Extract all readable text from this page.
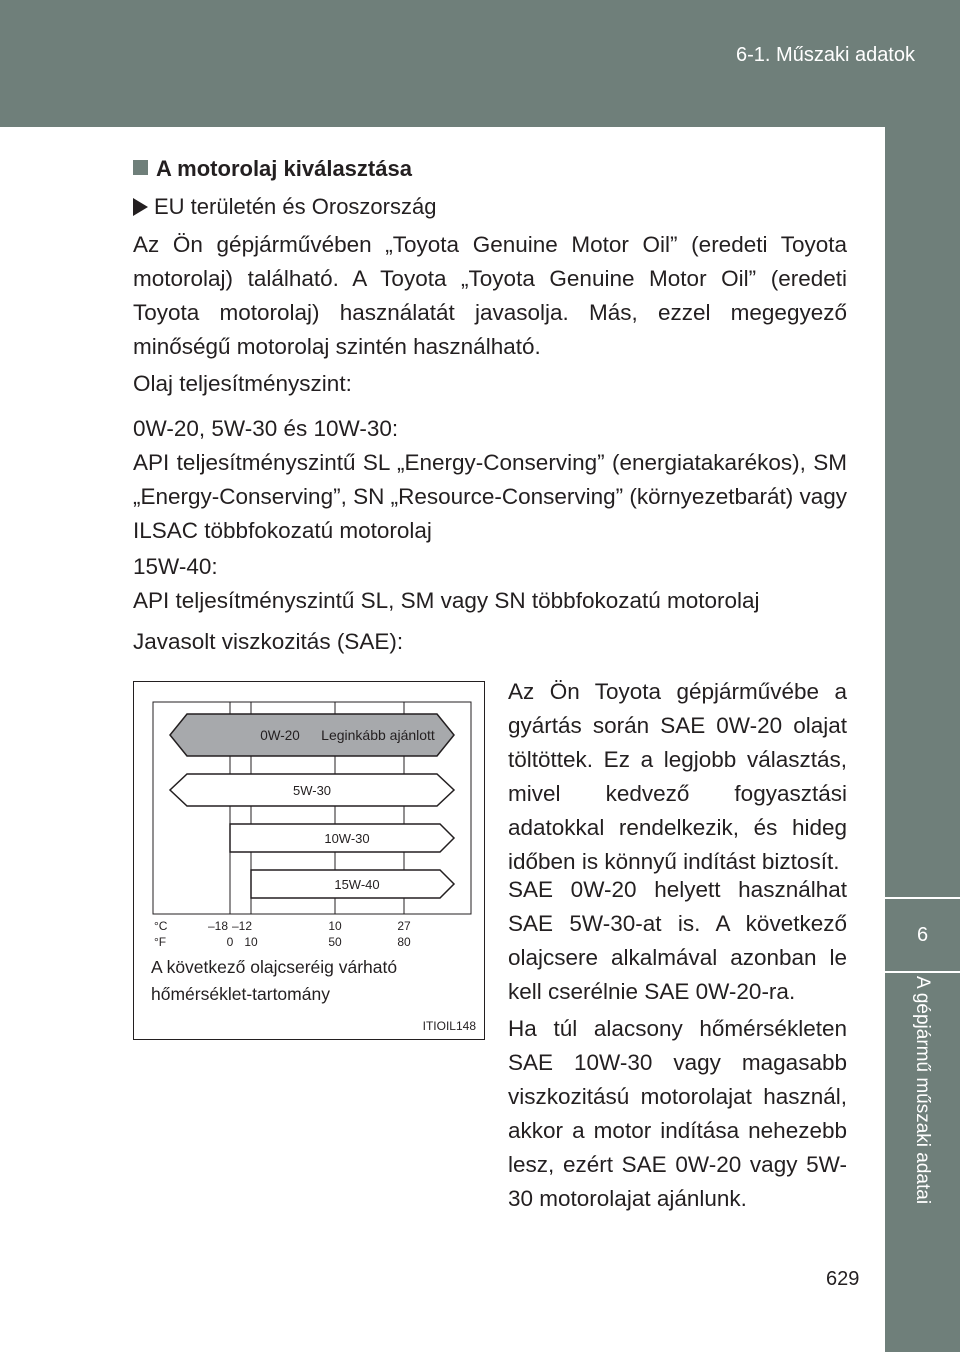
6-1. Műszaki adatok
6
A gépjármű műszaki adatai
A motorolaj kiválasztása
EU területén és Oroszország
Az Ön gépjárművében „Toyota Genuine Motor Oil” (eredeti Toyota motorolaj) található. A Toyota „Toyota Genuine Motor Oil” (eredeti Toyota motorolaj) használatát javasolja. Más, ezzel megegyező minőségű motorolaj szintén használható.
Olaj teljesítményszint:
0W-20, 5W-30 és 10W-30:
API teljesítményszintű SL „Energy-Conserving” (energiatakarékos), SM „Energy-Conserving”, SN „Resource-Conserving” (környezetbarát) vagy ILSAC többfokozatú motorolaj
15W-40:
API teljesítményszintű SL, SM vagy SN többfokozatú motorolaj
Javasolt viszkozitás (SAE):
Az Ön Toyota gépjárművébe a gyártás során SAE 0W-20 olajat töltöttek. Ez a legjobb választás, mivel kedvező fogyasztási adatokkal rendelkezik, és hideg időben is könnyű indítást biztosít.
SAE 0W-20 helyett használhat SAE 5W-30-at is. A következő olajcsere alkalmával azonban le kell cserélnie SAE 0W-20-ra.
Ha túl alacsony hőmérsékleten SAE 10W-30 vagy magasabb viszkozitású motorolajat használ, akkor a motor indítása nehezebb lesz, ezért SAE 0W-20 vagy 5W-30 motorolajat ajánlunk.
0W-20 Leginkább ajánlott
5W-30
10W-30
15W-40
°C
°F
–18 –12	10	27
0 10	50	80
A következő olajcseréig várható
hőmérséklet-tartomány
ITIOIL148
629
